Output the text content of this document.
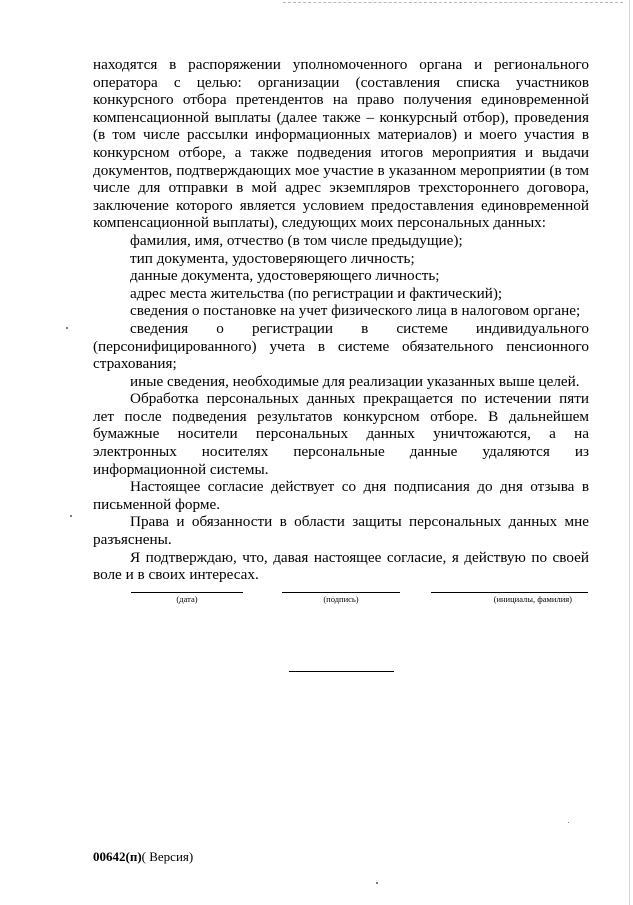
находятся в распоряжении уполномоченного органа и регионального оператора с целью: организации (составления списка участников конкурсного отбора претендентов на право получения единовременной компенсационной выплаты (далее также – конкурсный отбор), проведения (в том числе рассылки информационных материалов) и моего участия в конкурсном отборе, а также подведения итогов мероприятия и выдачи документов, подтверждающих мое участие в указанном мероприятии (в том числе для отправки в мой адрес экземпляров трехстороннего договора, заключение которого является условием предоставления единовременной компенсационной выплаты), следующих моих персональных данных:

фамилия, имя, отчество (в том числе предыдущие);

тип документа, удостоверяющего личность;

данные документа, удостоверяющего личность;

адрес места жительства (по регистрации и фактический);

сведения о постановке на учет физического лица в налоговом органе;

сведения о регистрации в системе индивидуального (персонифицированного) учета в системе обязательного пенсионного страхования;

иные сведения, необходимые для реализации указанных выше целей.

Обработка персональных данных прекращается по истечении пяти лет после подведения результатов конкурсном отборе. В дальнейшем бумажные носители персональных данных уничтожаются, а на электронных носителях персональные данные удаляются из информационной системы.

Настоящее согласие действует со дня подписания до дня отзыва в письменной форме.

Права и обязанности в области защиты персональных данных мне разъяснены.

Я подтверждаю, что, давая настоящее согласие, я действую по своей воле и в своих интересах.

(дата)	(подпись)	(инициалы, фамилия)
00642(п)( Версия)
